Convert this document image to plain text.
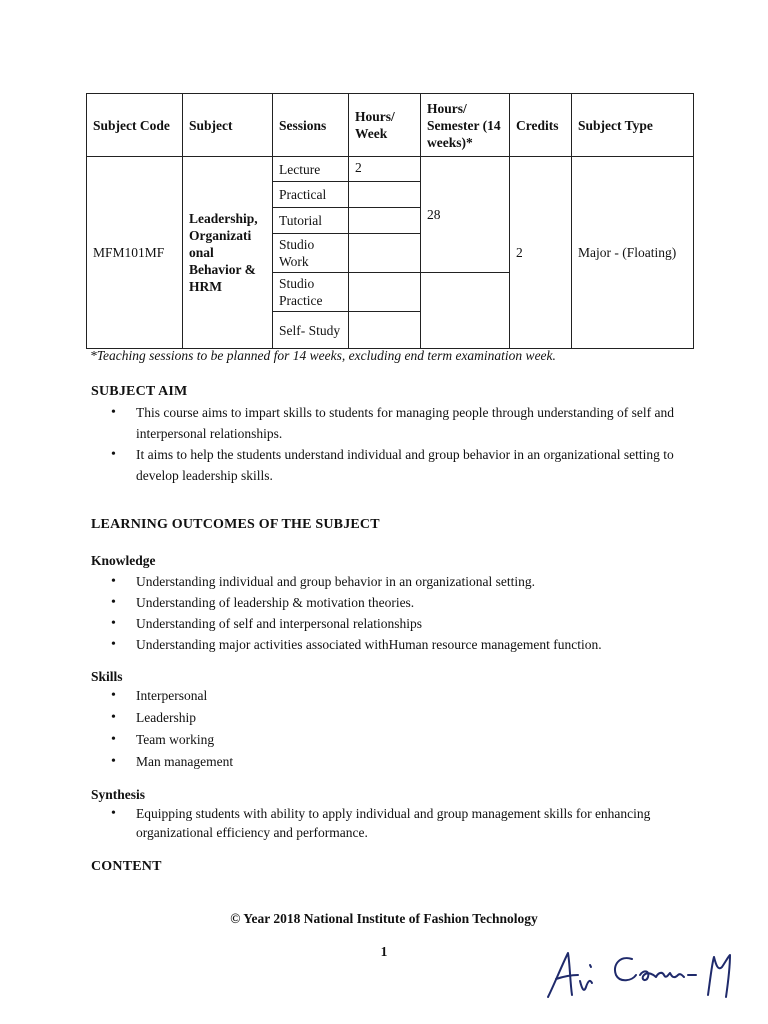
Subject Code	Subject	Sessions	Hours/ Week	Hours/ Semester (14 weeks)*	Credits	Subject Type
MFM101MF	Leadership, Organizati onal Behavior & HRM	Lecture	2	28	2	Major - (Floating)
		Practical				
		Tutorial				
		Studio Work				
		Studio Practice				
		Self- Study				
*Teaching sessions to be planned for 14 weeks, excluding end term examination week.
SUBJECT AIM
• This course aims to impart skills to students for managing people through understanding of self and interpersonal relationships.
• It aims to help the students understand individual and group behavior in an organizational setting to develop leadership skills.
LEARNING OUTCOMES OF THE SUBJECT
Knowledge
• Understanding individual and group behavior in an organizational setting.
• Understanding of leadership & motivation theories.
• Understanding of self and interpersonal relationships
• Understanding major activities associated withHuman resource management function.
Skills
• Interpersonal
• Leadership
• Team working
• Man management
Synthesis
• Equipping students with ability to apply individual and group management skills for enhancing organizational efficiency and performance.
CONTENT
© Year 2018 National Institute of Fashion Technology
1
